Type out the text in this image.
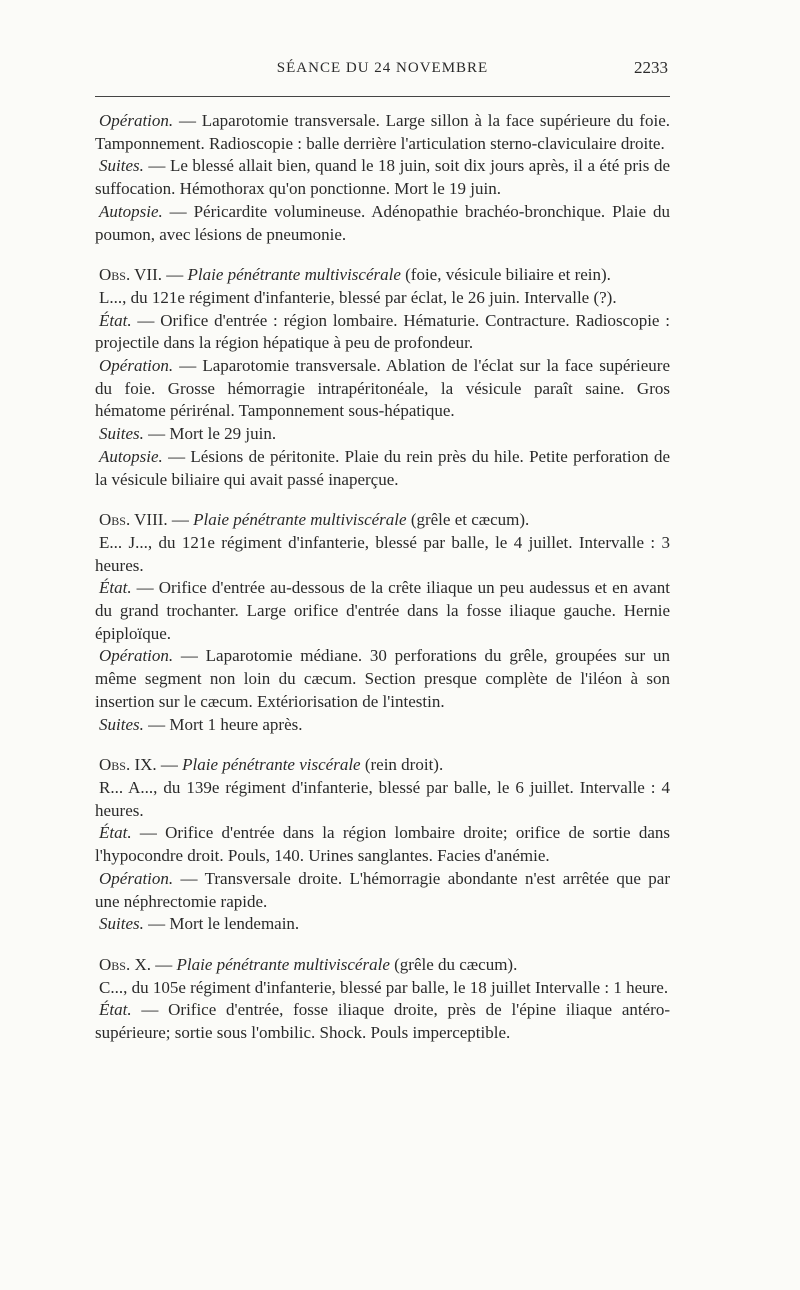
SÉANCE DU 24 NOVEMBRE	2233

Opération. — Laparotomie transversale. Large sillon à la face supérieure du foie. Tamponnement. Radioscopie : balle derrière l'articulation sterno-claviculaire droite.

Suites. — Le blessé allait bien, quand le 18 juin, soit dix jours après, il a été pris de suffocation. Hémothorax qu'on ponctionne. Mort le 19 juin.

Autopsie. — Péricardite volumineuse. Adénopathie brachéo-bronchique. Plaie du poumon, avec lésions de pneumonie.

Obs. VII. — Plaie pénétrante multiviscérale (foie, vésicule biliaire et rein).

L..., du 121e régiment d'infanterie, blessé par éclat, le 26 juin. Intervalle (?).

État. — Orifice d'entrée : région lombaire. Hématurie. Contracture. Radioscopie : projectile dans la région hépatique à peu de profondeur.

Opération. — Laparotomie transversale. Ablation de l'éclat sur la face supérieure du foie. Grosse hémorragie intrapéritonéale, la vésicule paraît saine. Gros hématome périrénal. Tamponnement sous-hépatique.

Suites. — Mort le 29 juin.

Autopsie. — Lésions de péritonite. Plaie du rein près du hile. Petite perforation de la vésicule biliaire qui avait passé inaperçue.

Obs. VIII. — Plaie pénétrante multiviscérale (grêle et cæcum).

E... J..., du 121e régiment d'infanterie, blessé par balle, le 4 juillet. Intervalle : 3 heures.

État. — Orifice d'entrée au-dessous de la crête iliaque un peu audessus et en avant du grand trochanter. Large orifice d'entrée dans la fosse iliaque gauche. Hernie épiploïque.

Opération. — Laparotomie médiane. 30 perforations du grêle, groupées sur un même segment non loin du cæcum. Section presque complète de l'iléon à son insertion sur le cæcum. Extériorisation de l'intestin.

Suites. — Mort 1 heure après.

Obs. IX. — Plaie pénétrante viscérale (rein droit).

R... A..., du 139e régiment d'infanterie, blessé par balle, le 6 juillet. Intervalle : 4 heures.

État. — Orifice d'entrée dans la région lombaire droite; orifice de sortie dans l'hypocondre droit. Pouls, 140. Urines sanglantes. Facies d'anémie.

Opération. — Transversale droite. L'hémorragie abondante n'est arrêtée que par une néphrectomie rapide.

Suites. — Mort le lendemain.

Obs. X. — Plaie pénétrante multiviscérale (grêle du cæcum).

C..., du 105e régiment d'infanterie, blessé par balle, le 18 juillet Intervalle : 1 heure.

État. — Orifice d'entrée, fosse iliaque droite, près de l'épine iliaque antéro-supérieure; sortie sous l'ombilic. Shock. Pouls imperceptible.
